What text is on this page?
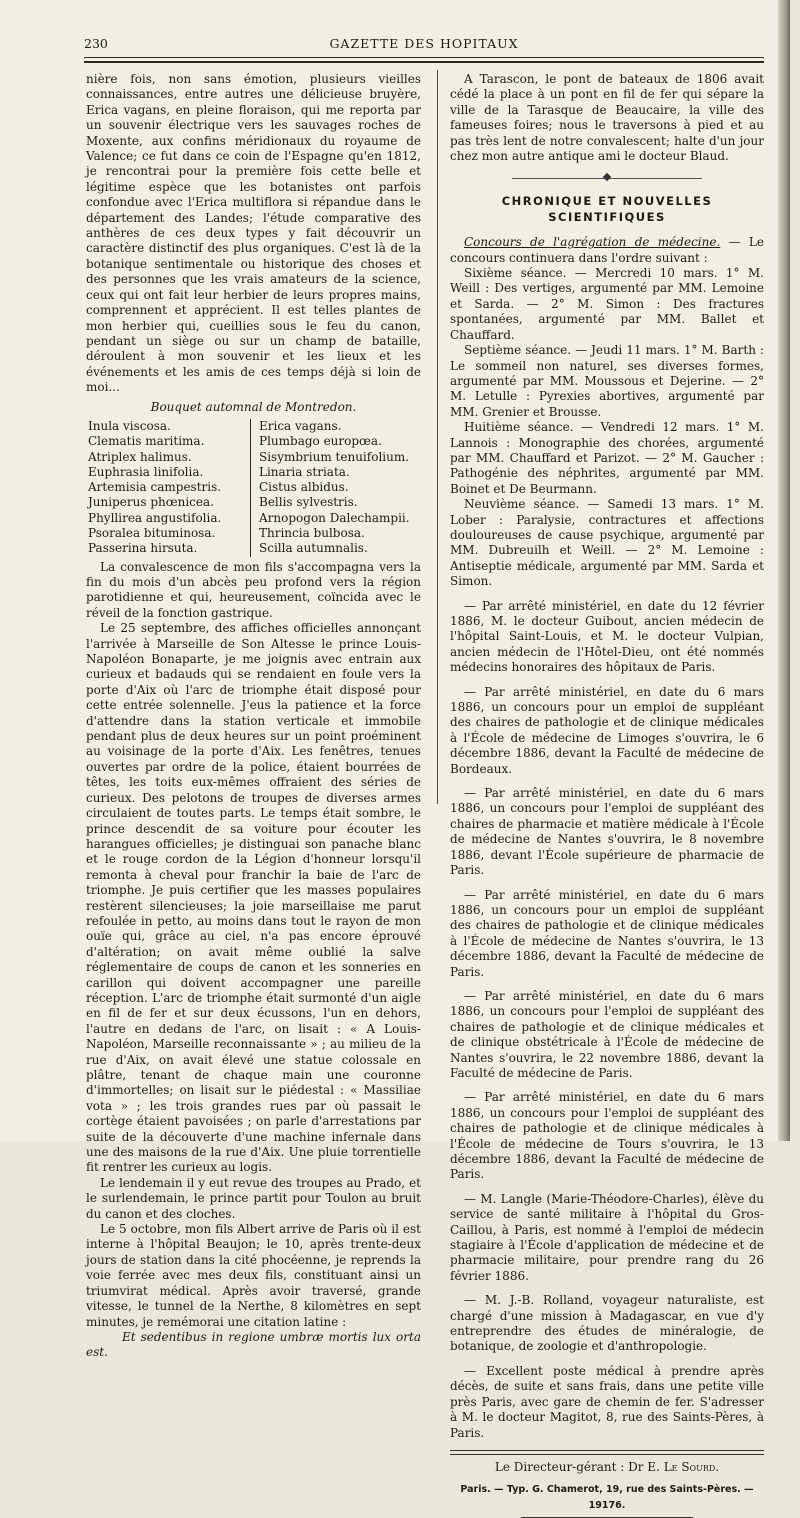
230	GAZETTE DES HOPITAUX

nière fois, non sans émotion, plusieurs vieilles connaissances, entre autres une délicieuse bruyère, Erica vagans, en pleine floraison, qui me reporta par un souvenir électrique vers les sauvages roches de Moxente, aux confins méridionaux du royaume de Valence; ce fut dans ce coin de l'Espagne qu'en 1812, je rencontrai pour la première fois cette belle et légitime espèce que les botanistes ont parfois confondue avec l'Erica multiflora si répandue dans le département des Landes; l'étude comparative des anthères de ces deux types y fait découvrir un caractère distinctif des plus organiques. C'est là de la botanique sentimentale ou historique des choses et des personnes que les vrais amateurs de la science, ceux qui ont fait leur herbier de leurs propres mains, comprennent et apprécient. Il est telles plantes de mon herbier qui, cueillies sous le feu du canon, pendant un siège ou sur un champ de bataille, déroulent à mon souvenir et les lieux et les événements et les amis de ces temps déjà si loin de moi...

Bouquet automnal de Montredon.

Inula viscosa.
Clematis maritima.
Atriplex halimus.
Euphrasia linifolia.
Artemisia campestris.
Juniperus phœnicea.
Phyllirea angustifolia.
Psoralea bituminosa.
Passerina hirsuta.
Erica vagans.
Plumbago europœa.
Sisymbrium tenuifolium.
Linaria striata.
Cistus albidus.
Bellis sylvestris.
Arnopogon Dalechampii.
Thrincia bulbosa.
Scilla autumnalis.

La convalescence de mon fils s'accompagna vers la fin du mois d'un abcès peu profond vers la région parotidienne et qui, heureusement, coïncida avec le réveil de la fonction gastrique.

Le 25 septembre, des affiches officielles annonçant l'arrivée à Marseille de Son Altesse le prince Louis-Napoléon Bonaparte, je me joignis avec entrain aux curieux et badauds qui se rendaient en foule vers la porte d'Aix où l'arc de triomphe était disposé pour cette entrée solennelle. J'eus la patience et la force d'attendre dans la station verticale et immobile pendant plus de deux heures sur un point proéminent au voisinage de la porte d'Aix. Les fenêtres, tenues ouvertes par ordre de la police, étaient bourrées de têtes, les toits eux-mêmes offraient des séries de curieux. Des pelotons de troupes de diverses armes circulaient de toutes parts. Le temps était sombre, le prince descendit de sa voiture pour écouter les harangues officielles; je distinguai son panache blanc et le rouge cordon de la Légion d'honneur lorsqu'il remonta à cheval pour franchir la baie de l'arc de triomphe. Je puis certifier que les masses populaires restèrent silencieuses; la joie marseillaise me parut refoulée in petto, au moins dans tout le rayon de mon ouïe qui, grâce au ciel, n'a pas encore éprouvé d'altération; on avait même oublié la salve réglementaire de coups de canon et les sonneries en carillon qui doivent accompagner une pareille réception. L'arc de triomphe était surmonté d'un aigle en fil de fer et sur deux écussons, l'un en dehors, l'autre en dedans de l'arc, on lisait : « A Louis-Napoléon, Marseille reconnaissante » ; au milieu de la rue d'Aix, on avait élevé une statue colossale en plâtre, tenant de chaque main une couronne d'immortelles; on lisait sur le piédestal : « Massiliae vota » ; les trois grandes rues par où passait le cortège étaient pavoisées ; on parle d'arrestations par suite de la découverte d'une machine infernale dans une des maisons de la rue d'Aix. Une pluie torrentielle fit rentrer les curieux au logis.

Le lendemain il y eut revue des troupes au Prado, et le surlendemain, le prince partit pour Toulon au bruit du canon et des cloches.

Le 5 octobre, mon fils Albert arrive de Paris où il est interne à l'hôpital Beaujon; le 10, après trente-deux jours de station dans la cité phocéenne, je reprends la voie ferrée avec mes deux fils, constituant ainsi un triumvirat médical. Après avoir traversé, grande vitesse, le tunnel de la Nerthe, 8 kilomètres en sept minutes, je remémorai une citation latine :

Et sedentibus in regione umbræ mortis lux orta est.

A Tarascon, le pont de bateaux de 1806 avait cédé la place à un pont en fil de fer qui sépare la ville de la Tarasque de Beaucaire, la ville des fameuses foires; nous le traversons à pied et au pas très lent de notre convalescent; halte d'un jour chez mon autre antique ami le docteur Blaud.

CHRONIQUE ET NOUVELLES SCIENTIFIQUES

Concours de l'agrégation de médecine. — Le concours continuera dans l'ordre suivant :

Sixième séance. — Mercredi 10 mars. 1° M. Weill : Des vertiges, argumenté par MM. Lemoine et Sarda. — 2° M. Simon : Des fractures spontanées, argumenté par MM. Ballet et Chauffard.

Septième séance. — Jeudi 11 mars. 1° M. Barth : Le sommeil non naturel, ses diverses formes, argumenté par MM. Moussous et Dejerine. — 2° M. Letulle : Pyrexies abortives, argumenté par MM. Grenier et Brousse.

Huitième séance. — Vendredi 12 mars. 1° M. Lannois : Monographie des chorées, argumenté par MM. Chauffard et Parizot. — 2° M. Gaucher : Pathogénie des néphrites, argumenté par MM. Boinet et De Beurmann.

Neuvième séance. — Samedi 13 mars. 1° M. Lober : Paralysie, contractures et affections douloureuses de cause psychique, argumenté par MM. Dubreuilh et Weill. — 2° M. Lemoine : Antiseptie médicale, argumenté par MM. Sarda et Simon.

— Par arrêté ministériel, en date du 12 février 1886, M. le docteur Guibout, ancien médecin de l'hôpital Saint-Louis, et M. le docteur Vulpian, ancien médecin de l'Hôtel-Dieu, ont été nommés médecins honoraires des hôpitaux de Paris.

— Par arrêté ministériel, en date du 6 mars 1886, un concours pour un emploi de suppléant des chaires de pathologie et de clinique médicales à l'École de médecine de Limoges s'ouvrira, le 6 décembre 1886, devant la Faculté de médecine de Bordeaux.

— Par arrêté ministériel, en date du 6 mars 1886, un concours pour l'emploi de suppléant des chaires de pharmacie et matière médicale à l'École de médecine de Nantes s'ouvrira, le 8 novembre 1886, devant l'École supérieure de pharmacie de Paris.

— Par arrêté ministériel, en date du 6 mars 1886, un concours pour un emploi de suppléant des chaires de pathologie et de clinique médicales à l'École de médecine de Nantes s'ouvrira, le 13 décembre 1886, devant la Faculté de médecine de Paris.

— Par arrêté ministériel, en date du 6 mars 1886, un concours pour l'emploi de suppléant des chaires de pathologie et de clinique médicales et de clinique obstétricale à l'École de médecine de Nantes s'ouvrira, le 22 novembre 1886, devant la Faculté de médecine de Paris.

— Par arrêté ministériel, en date du 6 mars 1886, un concours pour l'emploi de suppléant des chaires de pathologie et de clinique médicales à l'École de médecine de Tours s'ouvrira, le 13 décembre 1886, devant la Faculté de médecine de Paris.

— M. Langle (Marie-Théodore-Charles), élève du service de santé militaire à l'hôpital du Gros-Caillou, à Paris, est nommé à l'emploi de médecin stagiaire à l'École d'application de médecine et de pharmacie militaire, pour prendre rang du 26 février 1886.

— M. J.-B. Rolland, voyageur naturaliste, est chargé d'une mission à Madagascar, en vue d'y entreprendre des études de minéralogie, de botanique, de zoologie et d'anthropologie.

— Excellent poste médical à prendre après décès, de suite et sans frais, dans une petite ville près Paris, avec gare de chemin de fer. S'adresser à M. le docteur Magitot, 8, rue des Saints-Pères, à Paris.

Le Directeur-gérant : Dr E. Le Sourd.
Paris. — Typ. G. Chamerot, 19, rue des Saints-Pères. — 19176.
